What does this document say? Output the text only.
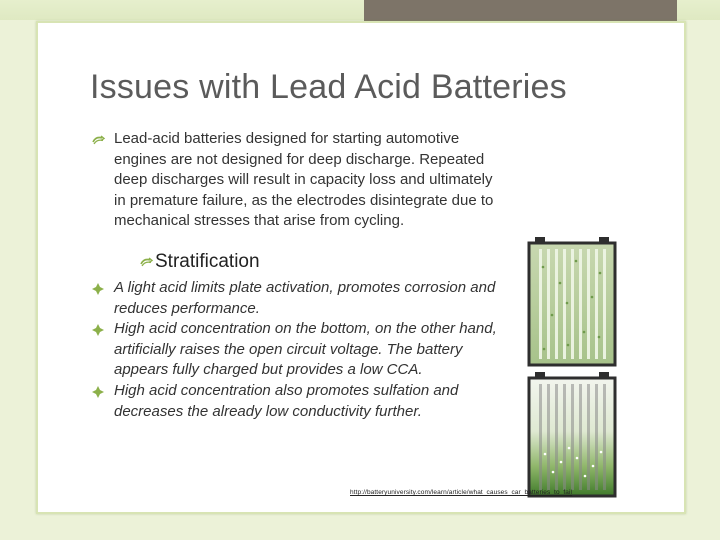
Issues with Lead Acid Batteries

Lead-acid batteries designed for starting automotive engines are not designed for deep discharge. Repeated deep discharges will result in capacity loss and ultimately in premature failure, as the electrodes disintegrate due to mechanical stresses that arise from cycling.

Stratification

A light acid limits plate activation, promotes corrosion and reduces performance.

High acid concentration on the bottom, on the other hand, artificially raises the open circuit voltage. The battery appears fully charged but provides a low CCA.

High acid concentration also promotes sulfation and decreases the already low conductivity further.

http://batteryuniversity.com/learn/article/what_causes_car_batteries_to_fail
